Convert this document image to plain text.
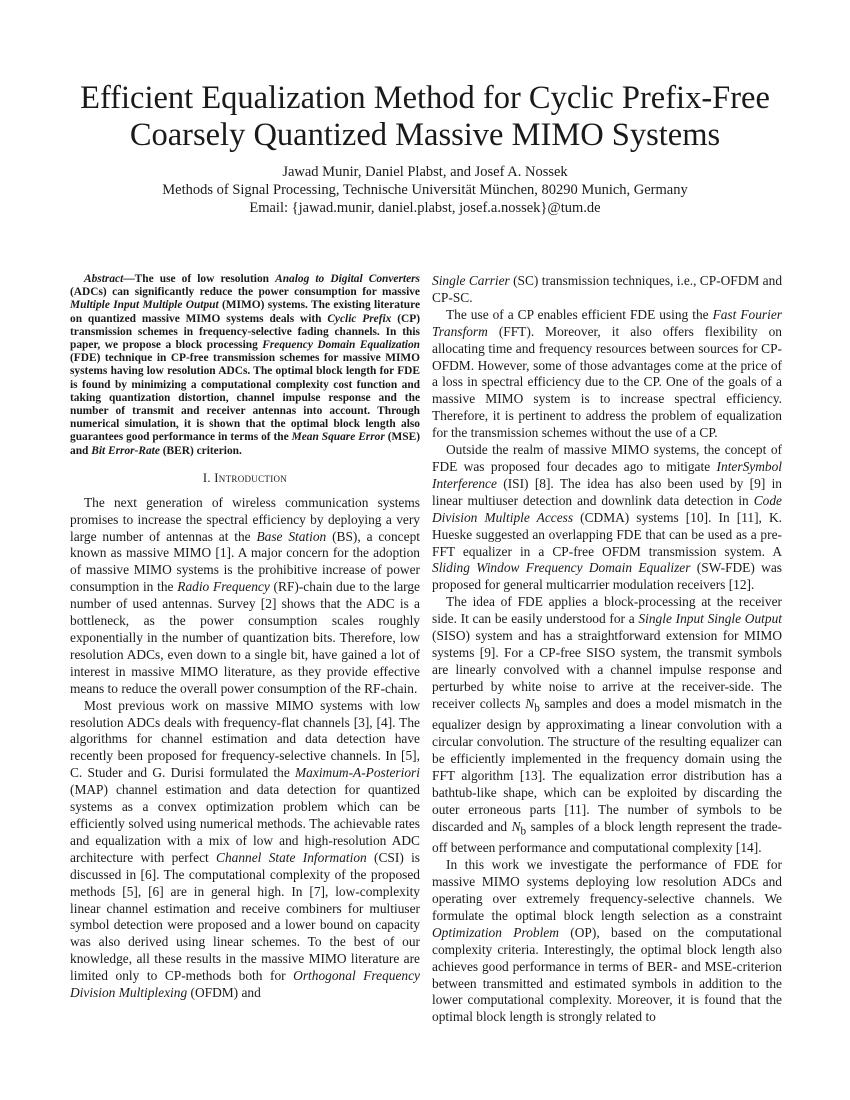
Efficient Equalization Method for Cyclic Prefix-Free
Coarsely Quantized Massive MIMO Systems
Jawad Munir, Daniel Plabst, and Josef A. Nossek
Methods of Signal Processing, Technische Universität München, 80290 Munich, Germany
Email: {jawad.munir, daniel.plabst, josef.a.nossek}@tum.de

Abstract—The use of low resolution Analog to Digital Converters (ADCs) can significantly reduce the power consumption for massive Multiple Input Multiple Output (MIMO) systems. The existing literature on quantized massive MIMO systems deals with Cyclic Prefix (CP) transmission schemes in frequency-selective fading channels. In this paper, we propose a block processing Frequency Domain Equalization (FDE) technique in CP-free transmission schemes for massive MIMO systems having low resolution ADCs. The optimal block length for FDE is found by minimizing a computational complexity cost function and taking quantization distortion, channel impulse response and the number of transmit and receiver antennas into account. Through numerical simulation, it is shown that the optimal block length also guarantees good performance in terms of the Mean Square Error (MSE) and Bit Error-Rate (BER) criterion.

I. Introduction

The next generation of wireless communication systems promises to increase the spectral efficiency by deploying a very large number of antennas at the Base Station (BS), a concept known as massive MIMO [1]. A major concern for the adoption of massive MIMO systems is the prohibitive increase of power consumption in the Radio Frequency (RF)-chain due to the large number of used antennas. Survey [2] shows that the ADC is a bottleneck, as the power consumption scales roughly exponentially in the number of quantization bits. Therefore, low resolution ADCs, even down to a single bit, have gained a lot of interest in massive MIMO literature, as they provide effective means to reduce the overall power consumption of the RF-chain.

Most previous work on massive MIMO systems with low resolution ADCs deals with frequency-flat channels [3], [4]. The algorithms for channel estimation and data detection have recently been proposed for frequency-selective channels. In [5], C. Studer and G. Durisi formulated the Maximum-A-Posteriori (MAP) channel estimation and data detection for quantized systems as a convex optimization problem which can be efficiently solved using numerical methods. The achievable rates and equalization with a mix of low and high-resolution ADC architecture with perfect Channel State Information (CSI) is discussed in [6]. The computational complexity of the proposed methods [5], [6] are in general high. In [7], low-complexity linear channel estimation and receive combiners for multiuser symbol detection were proposed and a lower bound on capacity was also derived using linear schemes. To the best of our knowledge, all these results in the massive MIMO literature are limited only to CP-methods both for Orthogonal Frequency Division Multiplexing (OFDM) and

Single Carrier (SC) transmission techniques, i.e., CP-OFDM and CP-SC.

The use of a CP enables efficient FDE using the Fast Fourier Transform (FFT). Moreover, it also offers flexibility on allocating time and frequency resources between sources for CP-OFDM. However, some of those advantages come at the price of a loss in spectral efficiency due to the CP. One of the goals of a massive MIMO system is to increase spectral efficiency. Therefore, it is pertinent to address the problem of equalization for the transmission schemes without the use of a CP.

Outside the realm of massive MIMO systems, the concept of FDE was proposed four decades ago to mitigate InterSymbol Interference (ISI) [8]. The idea has also been used by [9] in linear multiuser detection and downlink data detection in Code Division Multiple Access (CDMA) systems [10]. In [11], K. Hueske suggested an overlapping FDE that can be used as a pre-FFT equalizer in a CP-free OFDM transmission system. A Sliding Window Frequency Domain Equalizer (SW-FDE) was proposed for general multicarrier modulation receivers [12].

The idea of FDE applies a block-processing at the receiver side. It can be easily understood for a Single Input Single Output (SISO) system and has a straightforward extension for MIMO systems [9]. For a CP-free SISO system, the transmit symbols are linearly convolved with a channel impulse response and perturbed by white noise to arrive at the receiver-side. The receiver collects $N_b$ samples and does a model mismatch in the equalizer design by approximating a linear convolution with a circular convolution. The structure of the resulting equalizer can be efficiently implemented in the frequency domain using the FFT algorithm [13]. The equalization error distribution has a bathtub-like shape, which can be exploited by discarding the outer erroneous parts [11]. The number of symbols to be discarded and $N_b$ samples of a block length represent the trade-off between performance and computational complexity [14].

In this work we investigate the performance of FDE for massive MIMO systems deploying low resolution ADCs and operating over extremely frequency-selective channels. We formulate the optimal block length selection as a constraint Optimization Problem (OP), based on the computational complexity criteria. Interestingly, the optimal block length also achieves good performance in terms of BER- and MSE-criterion between transmitted and estimated symbols in addition to the lower computational complexity. Moreover, it is found that the optimal block length is strongly related to
